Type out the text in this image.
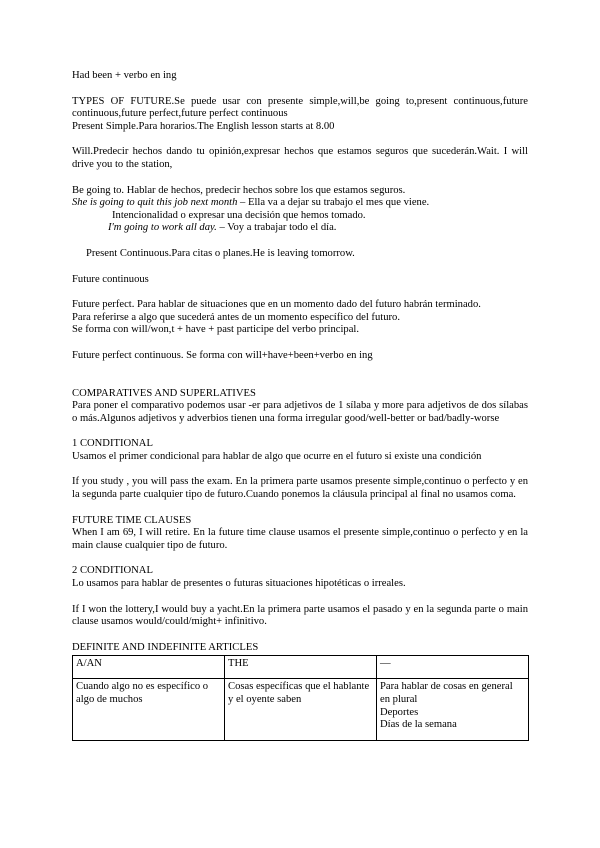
Had been + verbo en ing

TYPES OF FUTURE.Se puede usar con presente simple,will,be going to,present continuous,future continuous,future perfect,future perfect continuous

Present Simple.Para horarios.The English lesson starts at 8.00

Will.Predecir hechos dando tu opinión,expresar hechos que estamos seguros que sucederán.Wait. I will drive you to the station,

Be going to. Hablar de hechos, predecir hechos sobre los que estamos seguros.

She is going to quit this job next month – Ella va a dejar su trabajo el mes que viene.

Intencionalidad o expresar una decisión que hemos tomado.

I'm going to work all day. – Voy a trabajar todo el día.

Present Continuous.Para citas o planes.He is leaving tomorrow.

Future continuous

Future perfect. Para hablar de situaciones que en un momento dado del futuro habrán terminado.

Para referirse a algo que sucederá antes de un momento específico del futuro.

Se forma con will/won,t + have + past participe del verbo principal.

Future perfect continuous. Se forma con will+have+been+verbo en ing

COMPARATIVES AND SUPERLATIVES

Para poner el comparativo podemos usar -er para adjetivos de 1 sílaba y more para adjetivos de dos sílabas o más.Algunos adjetivos y adverbios tienen una forma irregular good/well-better or bad/badly-worse

1 CONDITIONAL

Usamos el primer condicional para hablar de algo que ocurre en el futuro si existe una condición

If you study , you will pass the exam. En la primera parte usamos presente simple,continuo o perfecto y en la segunda parte cualquier tipo de futuro.Cuando ponemos la cláusula principal al final no usamos coma.

FUTURE TIME CLAUSES

When I am 69, I will retire. En la future time clause usamos el presente simple,continuo o perfecto y en la main clause cualquier tipo de futuro.

2 CONDITIONAL

Lo usamos para hablar de presentes o futuras situaciones hipotéticas o irreales.

If I won the lottery,I would buy a yacht.En la primera parte usamos el pasado y en la segunda parte o main clause usamos would/could/might+ infinitivo.

DEFINITE AND INDEFINITE ARTICLES

A/AN	THE	—
Cuando algo no es específico o algo de muchos	Cosas específicas que el hablante y el oyente saben	Para hablar de cosas en general en plural
Deportes
Días de la semana
